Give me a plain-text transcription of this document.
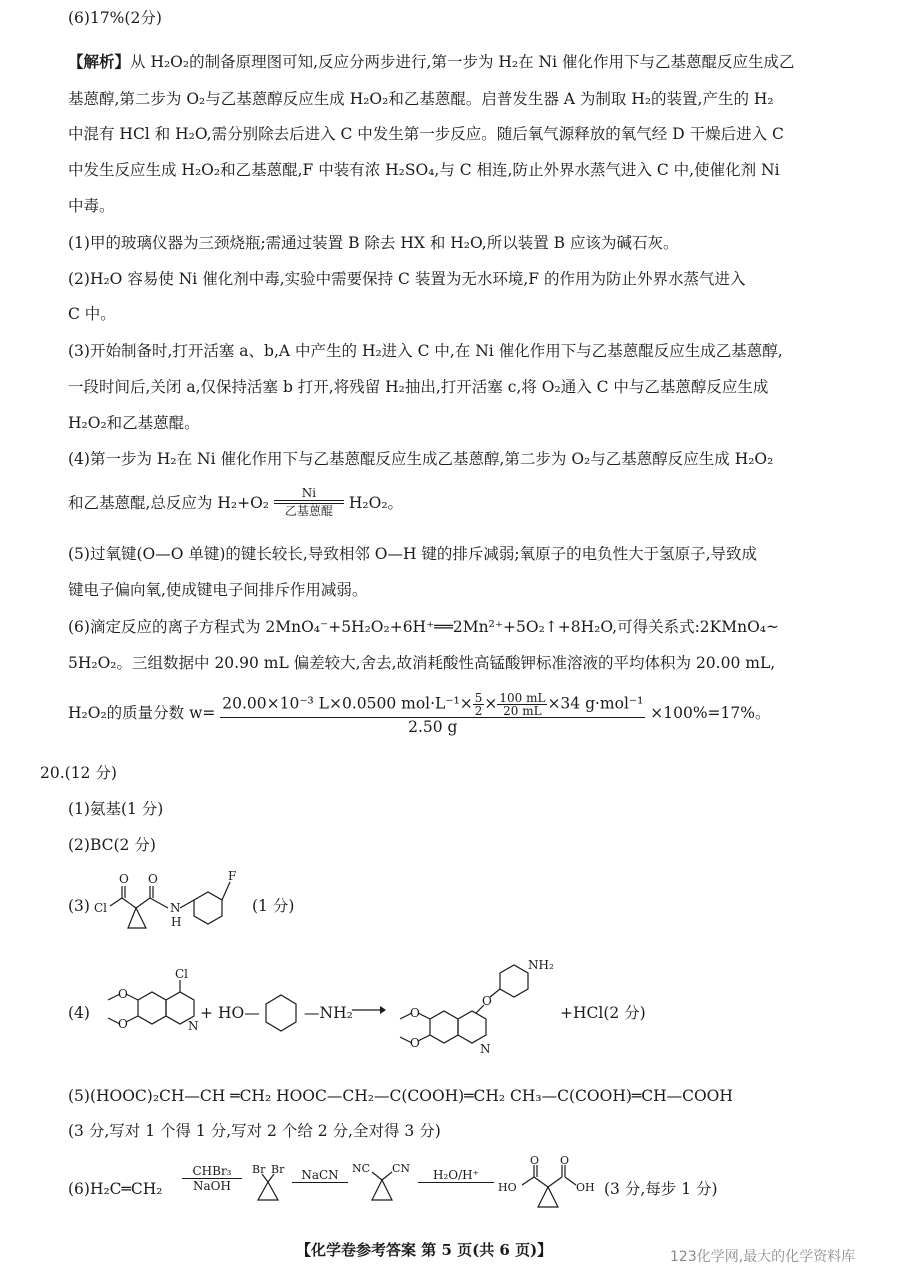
(6)17%(2分)
【解析】从 H₂O₂的制备原理图可知,反应分两步进行,第一步为 H₂在 Ni 催化作用下与乙基蒽醌反应生成乙
基蒽醇,第二步为 O₂与乙基蒽醇反应生成 H₂O₂和乙基蒽醌。启普发生器 A 为制取 H₂的装置,产生的 H₂
中混有 HCl 和 H₂O,需分别除去后进入 C 中发生第一步反应。随后氧气源释放的氧气经 D 干燥后进入 C
中发生反应生成 H₂O₂和乙基蒽醌,F 中装有浓 H₂SO₄,与 C 相连,防止外界水蒸气进入 C 中,使催化剂 Ni
中毒。
(1)甲的玻璃仪器为三颈烧瓶;需通过装置 B 除去 HX 和 H₂O,所以装置 B 应该为碱石灰。
(2)H₂O 容易使 Ni 催化剂中毒,实验中需要保持 C 装置为无水环境,F 的作用为防止外界水蒸气进入
C 中。
(3)开始制备时,打开活塞 a、b,A 中产生的 H₂进入 C 中,在 Ni 催化作用下与乙基蒽醌反应生成乙基蒽醇,
一段时间后,关闭 a,仅保持活塞 b 打开,将残留 H₂抽出,打开活塞 c,将 O₂通入 C 中与乙基蒽醇反应生成
H₂O₂和乙基蒽醌。
(4)第一步为 H₂在 Ni 催化作用下与乙基蒽醌反应生成乙基蒽醇,第二步为 O₂与乙基蒽醇反应生成 H₂O₂
和乙基蒽醌,总反应为 H₂+O₂
Ni
乙基蒽醌	H₂O₂。
(5)过氧键(O—O 单键)的键长较长,导致相邻 O—H 键的排斥减弱;氧原子的电负性大于氢原子,导致成
键电子偏向氧,使成键电子间排斥作用减弱。
(6)滴定反应的离子方程式为 2MnO₄⁻+5H₂O₂+6H⁺══2Mn²⁺+5O₂↑+8H₂O,可得关系式:2KMnO₄~
5H₂O₂。三组数据中 20.90 mL 偏差较大,舍去,故消耗酸性高锰酸钾标准溶液的平均体积为 20.00 mL,
H₂O₂的质量分数 $w= \frac{20.00\times 10^{-3} L\times 0.0500 mol\cdot L^{-1}\times \frac{5}{2} \times \frac{100 mL}{20 mL} \times 34 g\cdot mol^{-1}}{2.50 g} \times 100\%=17\%$。
20.(12 分)
(1)氨基(1 分)
(2)BC(2 分)
(3)
O O
Cl	N
H
F
(1 分)
(4)
Cl
N
O
O
+ HO—	—NH₂ →
NH₂
O
N
O
O
+HCl(2 分)
(5)(HOOC)₂CH—CH ═CH₂ HOOC—CH₂—C(COOH)═CH₂ CH₃—C(COOH)═CH—COOH
(3 分,写对 1 个得 1 分,写对 2 个给 2 分,全对得 3 分)
(6)H₂C═CH₂
CHBr₃
NaOH
Br Br	NaCN	NC CN	H₂O/H⁺
O O
HO	OH (3 分,每步 1 分)
【化学卷参考答案 第 5 页(共 6 页)】	123化学网,最大的化学资料库
